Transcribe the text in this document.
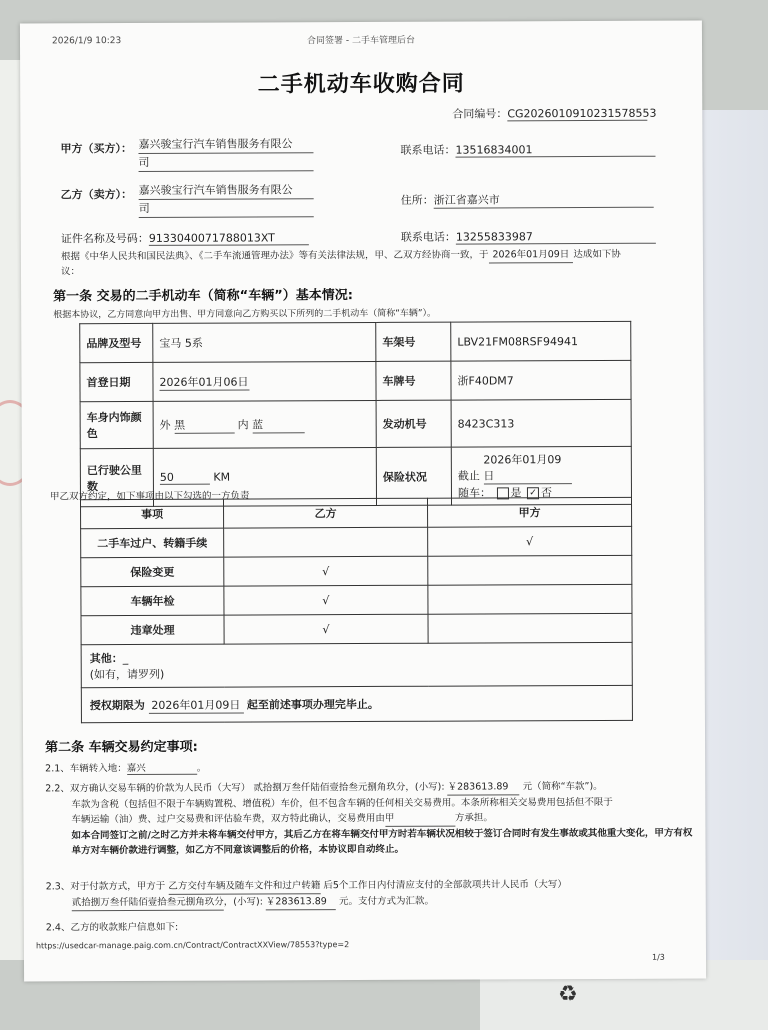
♻
2026/1/9 10:23	合同签署 - 二手车管理后台
二手机动车收购合同
合同编号：CG2026010910231578553
甲方（买方）： 嘉兴骏宝行汽车销售服务有限公 司
联系电话：13516834001
乙方（卖方）： 嘉兴骏宝行汽车销售服务有限公 司
住所：浙江省嘉兴市
证件名称及号码：9133040071788013XT	联系电话：13255833987
根据《中华人民共和国民法典》、《二手车流通管理办法》等有关法律法规，甲、乙双方经协商一致，于 2026年01月09日 达成如下协
议：
第一条 交易的二手机动车（简称“车辆”）基本情况:
根据本协议，乙方同意向甲方出售、甲方同意向乙方购买以下所列的二手机动车（简称“车辆”）。
品牌及型号	宝马 5系	车架号	LBV21FM08RSF94941
首登日期	2026年01月06日	车牌号	浙F40DM7
车身内饰颜色	外 黑 内 蓝	发动机号	8423C313
已行驶公里数	50 KM	保险状况	截止 2026年01月09日
随车： 是 ✓ 否
甲乙双方约定，如下事项由以下勾选的一方负责
事项	乙方	甲方
二手车过户、转籍手续		√
保险变更	√	
车辆年检	√	
违章处理	√	
其他：_
(如有，请罗列)		
授权期限为 2026年01月09日 起至前述事项办理完毕止。		
第二条 车辆交易约定事项:
2.1、车辆转入地：嘉兴	。
2.2、双方确认交易车辆的价款为人民币（大写） 贰拾捌万叁仟陆佰壹拾叁元捌角玖分，(小写): ￥283613.89 元（简称“车款”)。
车款为含税（包括但不限于车辆购置税、增值税）车价，但不包含车辆的任何相关交易费用。本条所称相关交易费用包括但不限于
车辆运输（油）费、过户交易费和评估验车费，双方特此确认，交易费用由甲	方承担。
如本合同签订之前/之时乙方并未将车辆交付甲方，其后乙方在将车辆交付甲方时若车辆状况相较于签订合同时有发生事故或其他重大变化，甲方有权单方对车辆价款进行调整，如乙方不同意该调整后的价格，本协议即自动终止。
2.3、对于付款方式，甲方于 乙方交付车辆及随车文件和过户转籍 后5个工作日内付清应支付的全部款项共计人民币（大写）
贰拾捌万叁仟陆佰壹拾叁元捌角玖分，(小写): ￥283613.89 元。支付方式为汇款。
2.4、乙方的收款账户信息如下:
https://usedcar-manage.paig.com.cn/Contract/ContractXXView/78553?type=2
1/3
